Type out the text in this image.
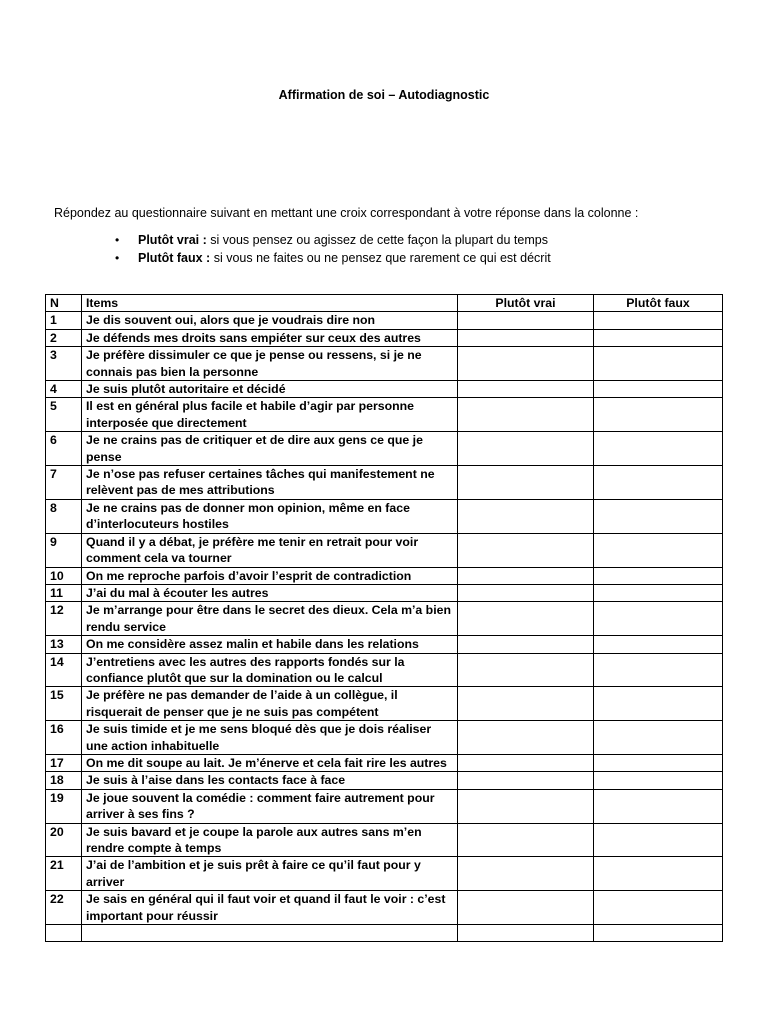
Affirmation de soi – Autodiagnostic
Répondez au questionnaire suivant en mettant une croix correspondant à votre réponse dans la colonne :
• Plutôt vrai : si vous pensez ou agissez de cette façon la plupart du temps
• Plutôt faux : si vous ne faites ou ne pensez que rarement ce qui est décrit
N	Items	Plutôt vrai	Plutôt faux
1	Je dis souvent oui, alors que je voudrais dire non		
2	Je défends mes droits sans empiéter sur ceux des autres		
3	Je préfère dissimuler ce que je pense ou ressens, si je ne connais pas bien la personne		
4	Je suis plutôt autoritaire et décidé		
5	Il est en général plus facile et habile d’agir par personne interposée que directement		
6	Je ne crains pas de critiquer et de dire aux gens ce que je pense		
7	Je n’ose pas refuser certaines tâches qui manifestement ne relèvent pas de mes attributions		
8	Je ne crains pas de donner mon opinion, même en face d’interlocuteurs hostiles		
9	Quand il y a débat, je préfère me tenir en retrait pour voir comment cela va tourner		
10	On me reproche parfois d’avoir l’esprit de contradiction		
11	J’ai du mal à écouter les autres		
12	Je m’arrange pour être dans le secret des dieux. Cela m’a bien rendu service		
13	On me considère assez malin et habile dans les relations		
14	J’entretiens avec les autres des rapports fondés sur la confiance plutôt que sur la domination ou le calcul		
15	Je préfère ne pas demander de l’aide à un collègue, il risquerait de penser que je ne suis pas compétent		
16	Je suis timide et je me sens bloqué dès que je dois réaliser une action inhabituelle		
17	On me dit soupe au lait. Je m’énerve et cela fait rire les autres		
18	Je suis à l’aise dans les contacts face à face		
19	Je joue souvent la comédie : comment faire autrement pour arriver à ses fins ?		
20	Je suis bavard et je coupe la parole aux autres sans m’en rendre compte à temps		
21	J’ai de l’ambition et je suis prêt à faire ce qu’il faut pour y arriver		
22	Je sais en général qui il faut voir et quand il faut le voir : c’est important pour réussir		
